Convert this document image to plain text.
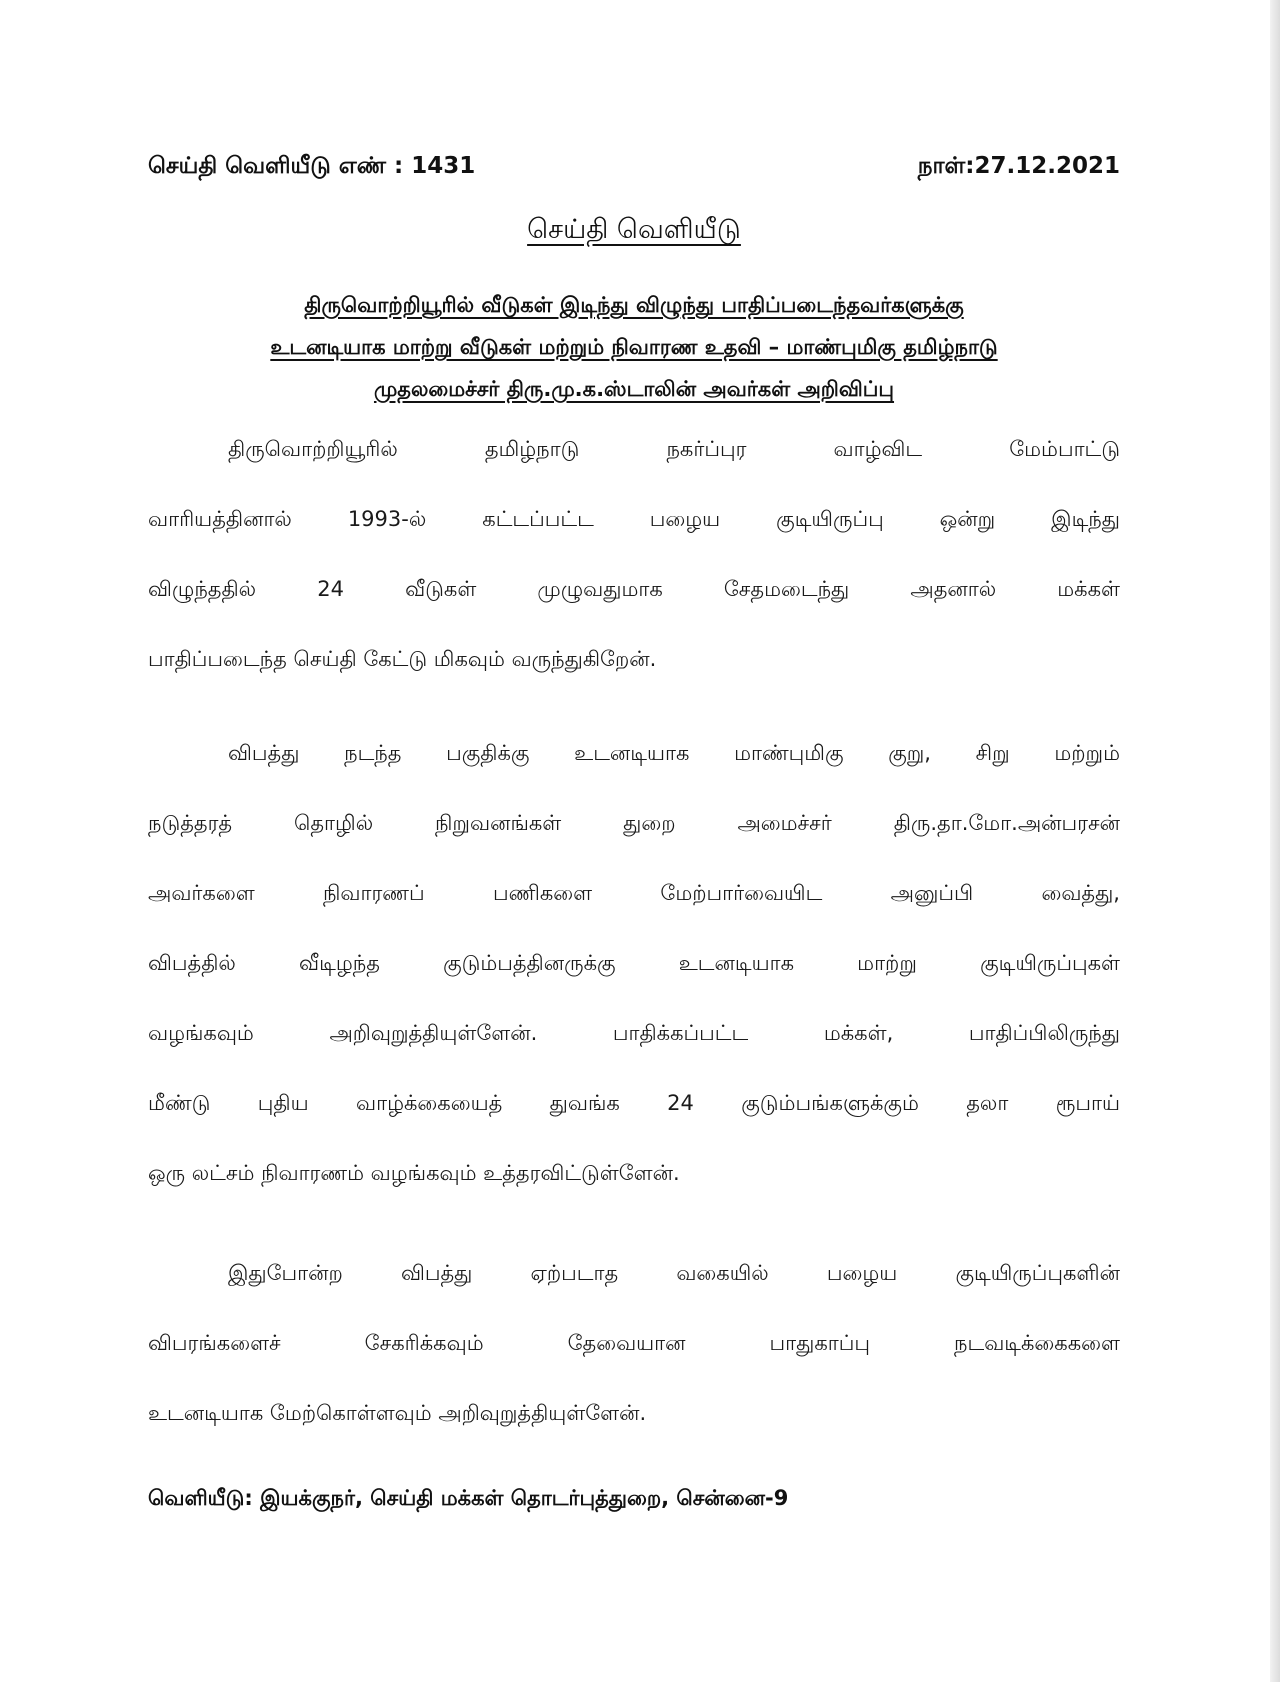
செய்தி வெளியீடு எண் : 1431	நாள்:27.12.2021
செய்தி வெளியீடு
திருவொற்றியூரில் வீடுகள் இடிந்து விழுந்து பாதிப்படைந்தவர்களுக்கு
உடனடியாக மாற்று வீடுகள் மற்றும் நிவாரண உதவி – மாண்புமிகு தமிழ்நாடு
முதலமைச்சர் திரு.மு.க.ஸ்டாலின் அவர்கள் அறிவிப்பு
திருவொற்றியூரில் தமிழ்நாடு நகர்ப்புர வாழ்விட மேம்பாட்டு
வாரியத்தினால் 1993-ல் கட்டப்பட்ட பழைய குடியிருப்பு ஒன்று இடிந்து
விழுந்ததில் 24 வீடுகள் முழுவதுமாக சேதமடைந்து அதனால் மக்கள்
பாதிப்படைந்த செய்தி கேட்டு மிகவும் வருந்துகிறேன்.
விபத்து நடந்த பகுதிக்கு உடனடியாக மாண்புமிகு குறு, சிறு மற்றும்
நடுத்தரத் தொழில் நிறுவனங்கள் துறை அமைச்சர் திரு.தா.மோ.அன்பரசன்
அவர்களை நிவாரணப் பணிகளை மேற்பார்வையிட அனுப்பி வைத்து,
விபத்தில் வீடிழந்த குடும்பத்தினருக்கு உடனடியாக மாற்று குடியிருப்புகள்
வழங்கவும் அறிவுறுத்தியுள்ளேன். பாதிக்கப்பட்ட மக்கள், பாதிப்பிலிருந்து
மீண்டு புதிய வாழ்க்கையைத் துவங்க 24 குடும்பங்களுக்கும் தலா ரூபாய்
ஒரு லட்சம் நிவாரணம் வழங்கவும் உத்தரவிட்டுள்ளேன்.
இதுபோன்ற விபத்து ஏற்படாத வகையில் பழைய குடியிருப்புகளின்
விபரங்களைச் சேகரிக்கவும் தேவையான பாதுகாப்பு நடவடிக்கைகளை
உடனடியாக மேற்கொள்ளவும் அறிவுறுத்தியுள்ளேன்.
வெளியீடு: இயக்குநர், செய்தி மக்கள் தொடர்புத்துறை, சென்னை-9
